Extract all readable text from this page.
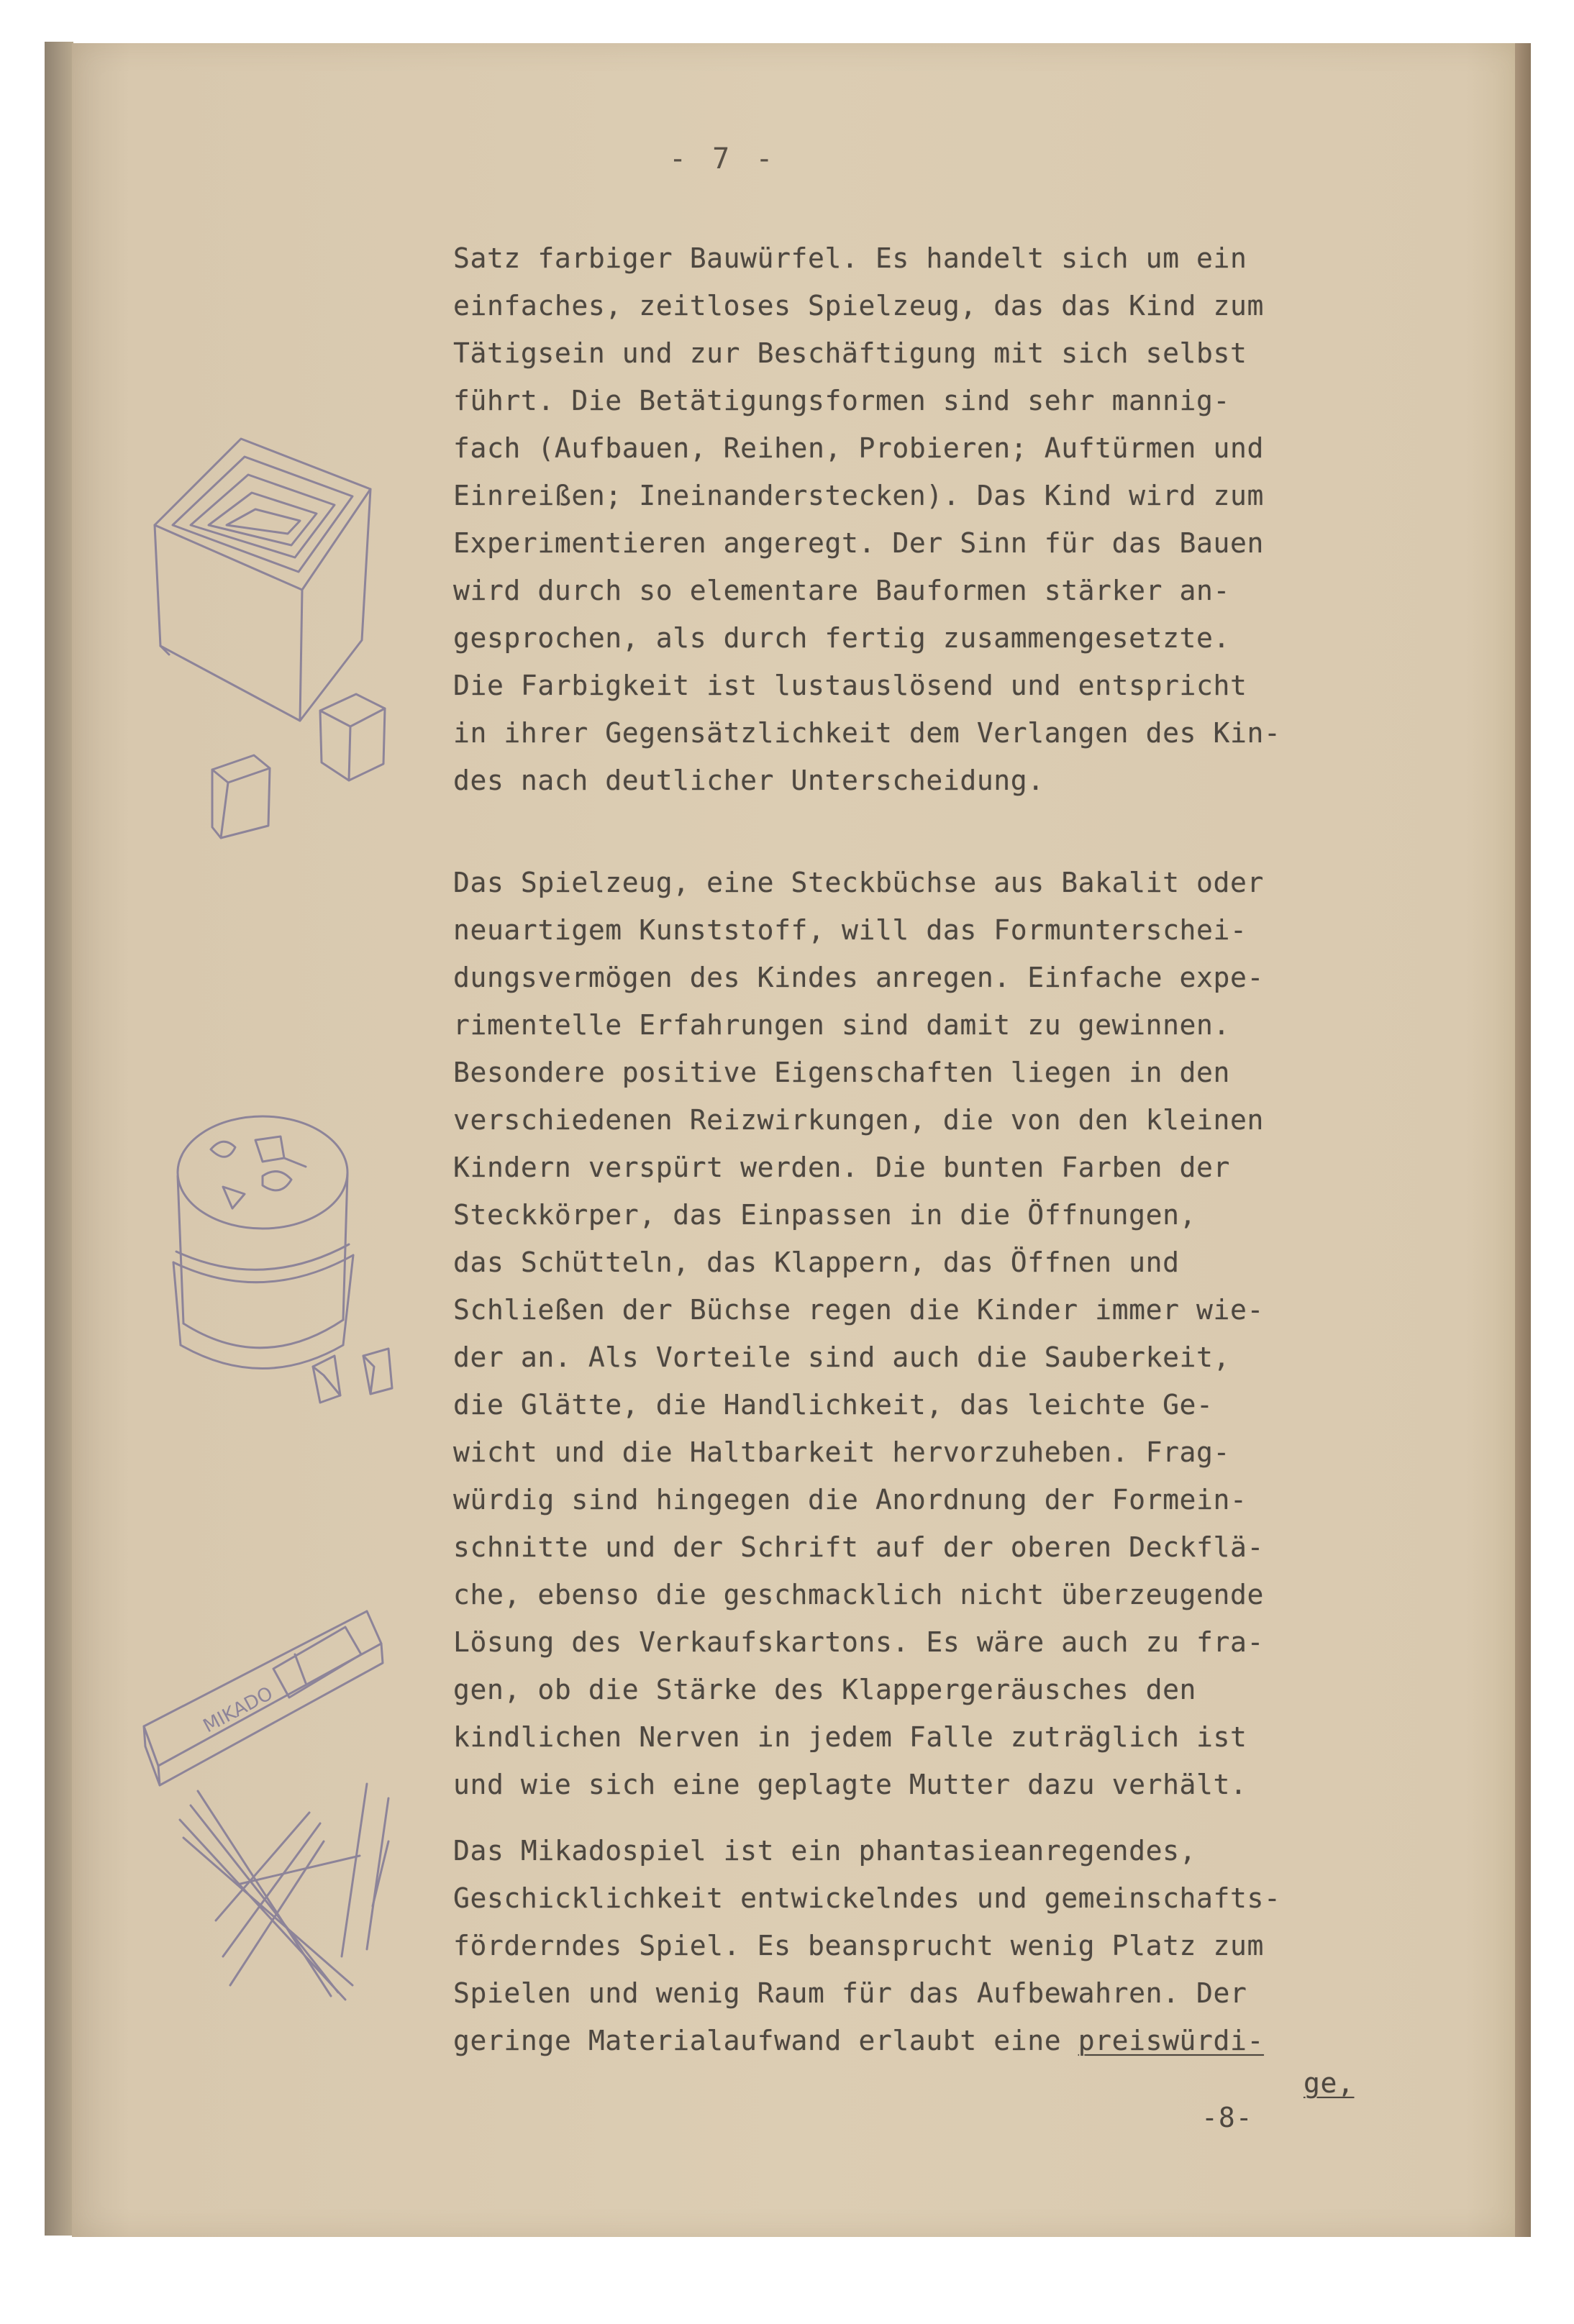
- 7 -
Satz farbiger Bauwürfel. Es handelt sich um ein
einfaches, zeitloses Spielzeug, das das Kind zum
Tätigsein und zur Beschäftigung mit sich selbst
führt. Die Betätigungsformen sind sehr mannig-
fach (Aufbauen, Reihen, Probieren; Auftürmen und
Einreißen; Ineinanderstecken). Das Kind wird zum
Experimentieren angeregt. Der Sinn für das Bauen
wird durch so elementare Bauformen stärker an-
gesprochen, als durch fertig zusammengesetzte.
Die Farbigkeit ist lustauslösend und entspricht
in ihrer Gegensätzlichkeit dem Verlangen des Kin-
des nach deutlicher Unterscheidung.
Das Spielzeug, eine Steckbüchse aus Bakalit oder
neuartigem Kunststoff, will das Formunterschei-
dungsvermögen des Kindes anregen. Einfache expe-
rimentelle Erfahrungen sind damit zu gewinnen.
Besondere positive Eigenschaften liegen in den
verschiedenen Reizwirkungen, die von den kleinen
Kindern verspürt werden. Die bunten Farben der
Steckkörper, das Einpassen in die Öffnungen,
das Schütteln, das Klappern, das Öffnen und
Schließen der Büchse regen die Kinder immer wie-
der an. Als Vorteile sind auch die Sauberkeit,
die Glätte, die Handlichkeit, das leichte Ge-
wicht und die Haltbarkeit hervorzuheben. Frag-
würdig sind hingegen die Anordnung der Formein-
schnitte und der Schrift auf der oberen Deckflä-
che, ebenso die geschmacklich nicht überzeugende
Lösung des Verkaufskartons. Es wäre auch zu fra-
gen, ob die Stärke des Klappergeräusches den
kindlichen Nerven in jedem Falle zuträglich ist
und wie sich eine geplagte Mutter dazu verhält.
Das Mikadospiel ist ein phantasieanregendes,
Geschicklichkeit entwickelndes und gemeinschafts-
förderndes Spiel. Es beansprucht wenig Platz zum
Spielen und wenig Raum für das Aufbewahren. Der
geringe Materialaufwand erlaubt eine preiswürdi-
ge,
-8-
MIKADO
